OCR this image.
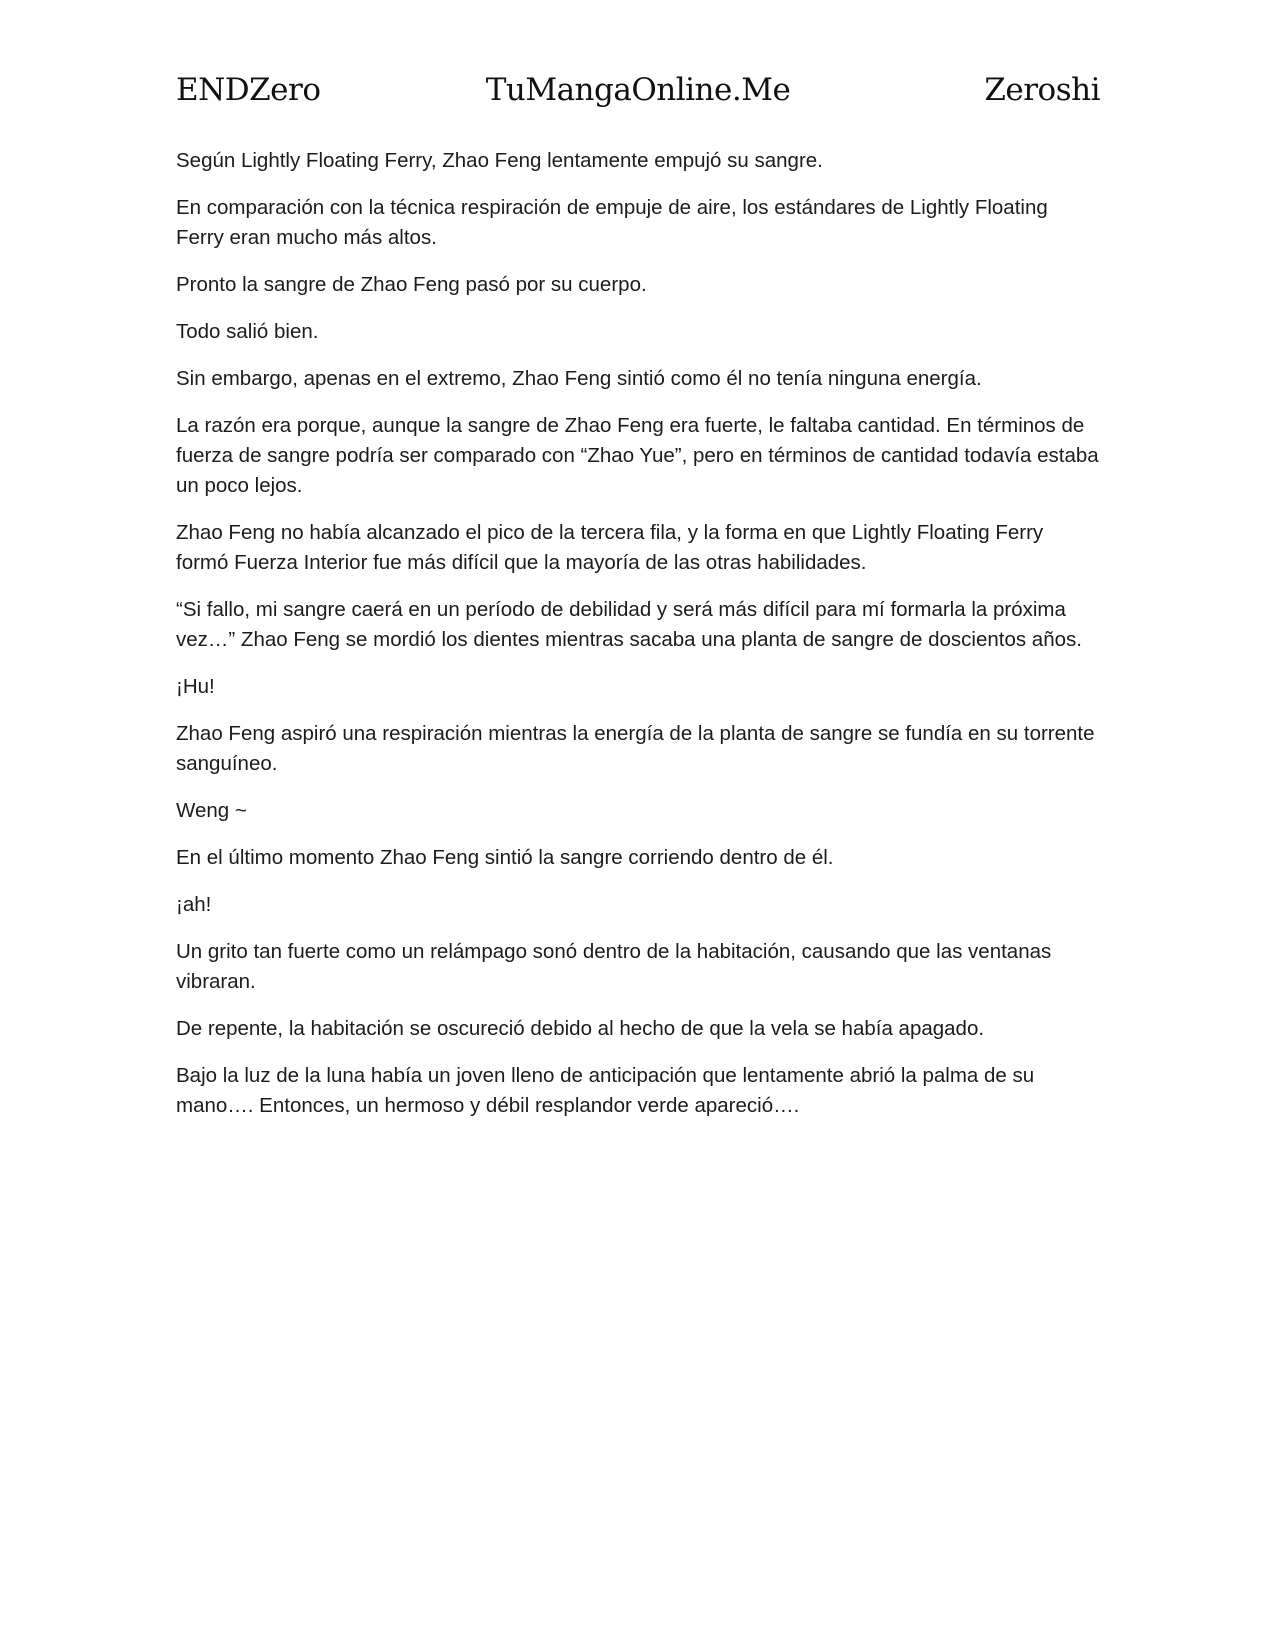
ENDZero	TuMangaOnline.Me	Zeroshi

Según Lightly Floating Ferry, Zhao Feng lentamente empujó su sangre.

En comparación con la técnica respiración de empuje de aire, los estándares de Lightly Floating Ferry eran mucho más altos.

Pronto la sangre de Zhao Feng pasó por su cuerpo.

Todo salió bien.

Sin embargo, apenas en el extremo, Zhao Feng sintió como él no tenía ninguna energía.

La razón era porque, aunque la sangre de Zhao Feng era fuerte, le faltaba cantidad. En términos de fuerza de sangre podría ser comparado con “Zhao Yue”, pero en términos de cantidad todavía estaba un poco lejos.

Zhao Feng no había alcanzado el pico de la tercera fila, y la forma en que Lightly Floating Ferry formó Fuerza Interior fue más difícil que la mayoría de las otras habilidades.

“Si fallo, mi sangre caerá en un período de debilidad y será más difícil para mí formarla la próxima vez…” Zhao Feng se mordió los dientes mientras sacaba una planta de sangre de doscientos años.

¡Hu!

Zhao Feng aspiró una respiración mientras la energía de la planta de sangre se fundía en su torrente sanguíneo.

Weng ~

En el último momento Zhao Feng sintió la sangre corriendo dentro de él.

¡ah!

Un grito tan fuerte como un relámpago sonó dentro de la habitación, causando que las ventanas vibraran.

De repente, la habitación se oscureció debido al hecho de que la vela se había apagado.

Bajo la luz de la luna había un joven lleno de anticipación que lentamente abrió la palma de su mano…. Entonces, un hermoso y débil resplandor verde apareció….
